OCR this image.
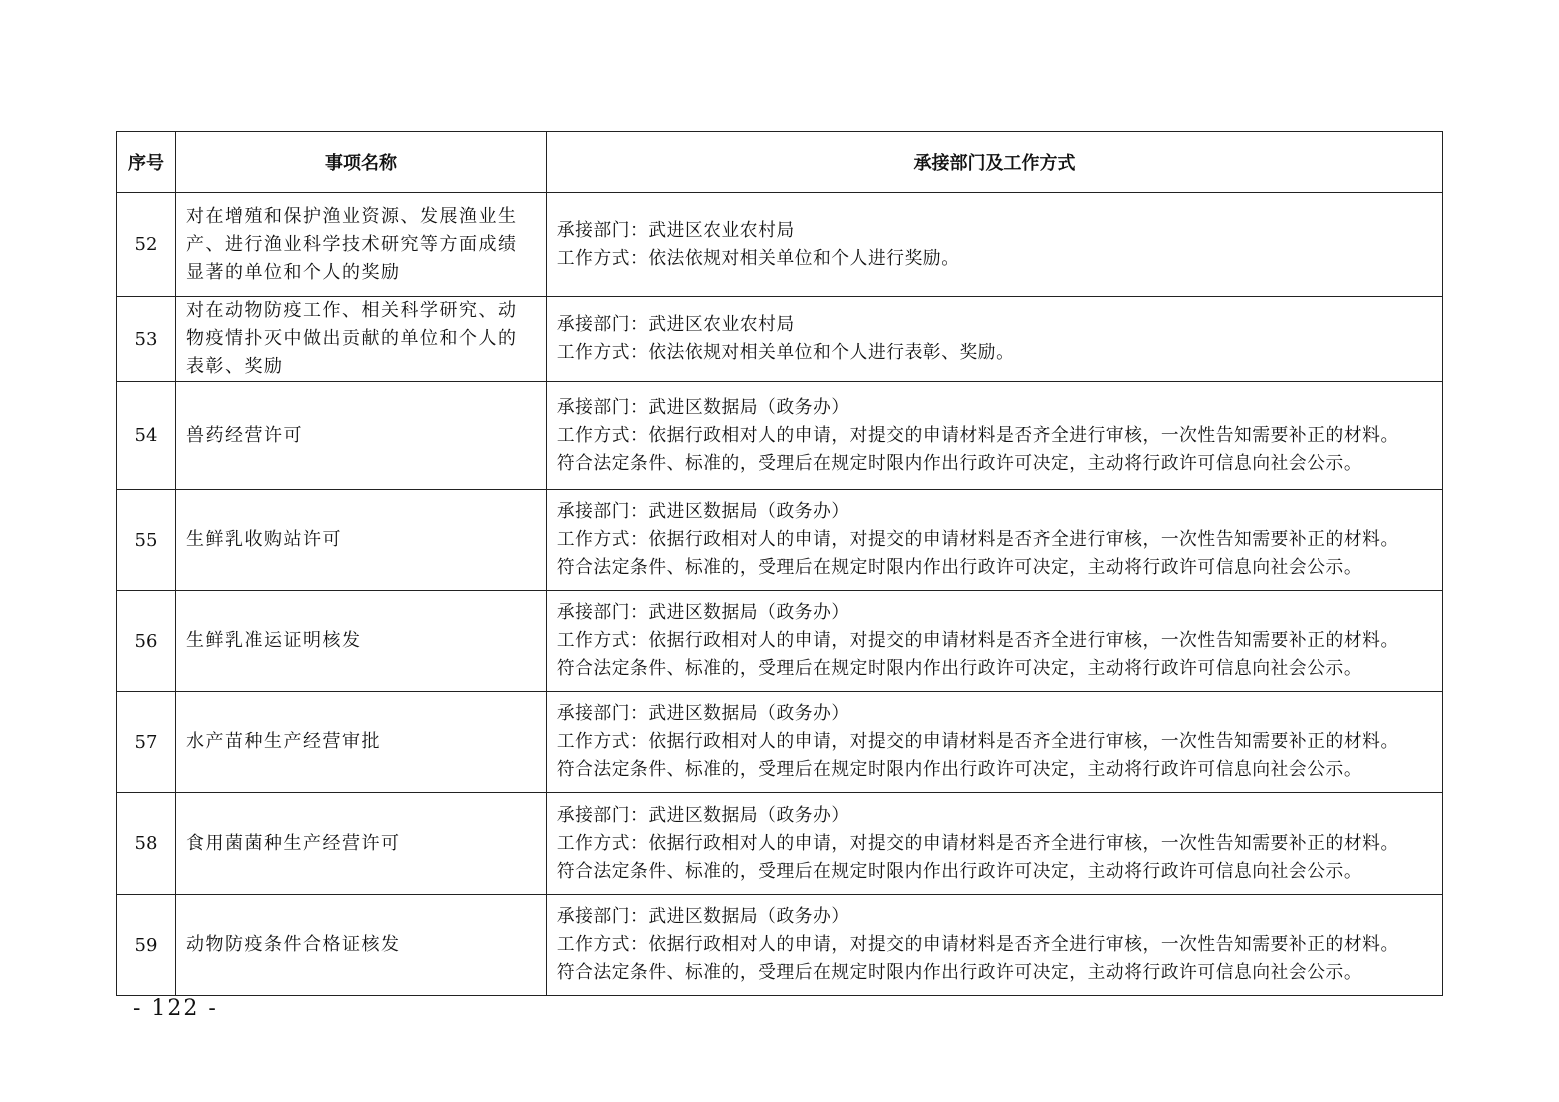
序号	事项名称	承接部门及工作方式
52	对在增殖和保护渔业资源、发展渔业生产、进行渔业科学技术研究等方面成绩显著的单位和个人的奖励	承接部门：武进区农业农村局
工作方式：依法依规对相关单位和个人进行奖励。

53	对在动物防疫工作、相关科学研究、动物疫情扑灭中做出贡献的单位和个人的表彰、奖励	承接部门：武进区农业农村局
工作方式：依法依规对相关单位和个人进行表彰、奖励。

54	兽药经营许可	承接部门：武进区数据局（政务办）
工作方式：依据行政相对人的申请，对提交的申请材料是否齐全进行审核，一次性告知需要补正的材料。
符合法定条件、标准的，受理后在规定时限内作出行政许可决定，主动将行政许可信息向社会公示。

55	生鲜乳收购站许可	承接部门：武进区数据局（政务办）
工作方式：依据行政相对人的申请，对提交的申请材料是否齐全进行审核，一次性告知需要补正的材料。
符合法定条件、标准的，受理后在规定时限内作出行政许可决定，主动将行政许可信息向社会公示。

56	生鲜乳准运证明核发	承接部门：武进区数据局（政务办）
工作方式：依据行政相对人的申请，对提交的申请材料是否齐全进行审核，一次性告知需要补正的材料。
符合法定条件、标准的，受理后在规定时限内作出行政许可决定，主动将行政许可信息向社会公示。

57	水产苗种生产经营审批	承接部门：武进区数据局（政务办）
工作方式：依据行政相对人的申请，对提交的申请材料是否齐全进行审核，一次性告知需要补正的材料。
符合法定条件、标准的，受理后在规定时限内作出行政许可决定，主动将行政许可信息向社会公示。

58	食用菌菌种生产经营许可	承接部门：武进区数据局（政务办）
工作方式：依据行政相对人的申请，对提交的申请材料是否齐全进行审核，一次性告知需要补正的材料。
符合法定条件、标准的，受理后在规定时限内作出行政许可决定，主动将行政许可信息向社会公示。

59	动物防疫条件合格证核发	承接部门：武进区数据局（政务办）
工作方式：依据行政相对人的申请，对提交的申请材料是否齐全进行审核，一次性告知需要补正的材料。
符合法定条件、标准的，受理后在规定时限内作出行政许可决定，主动将行政许可信息向社会公示。
- 122 -
